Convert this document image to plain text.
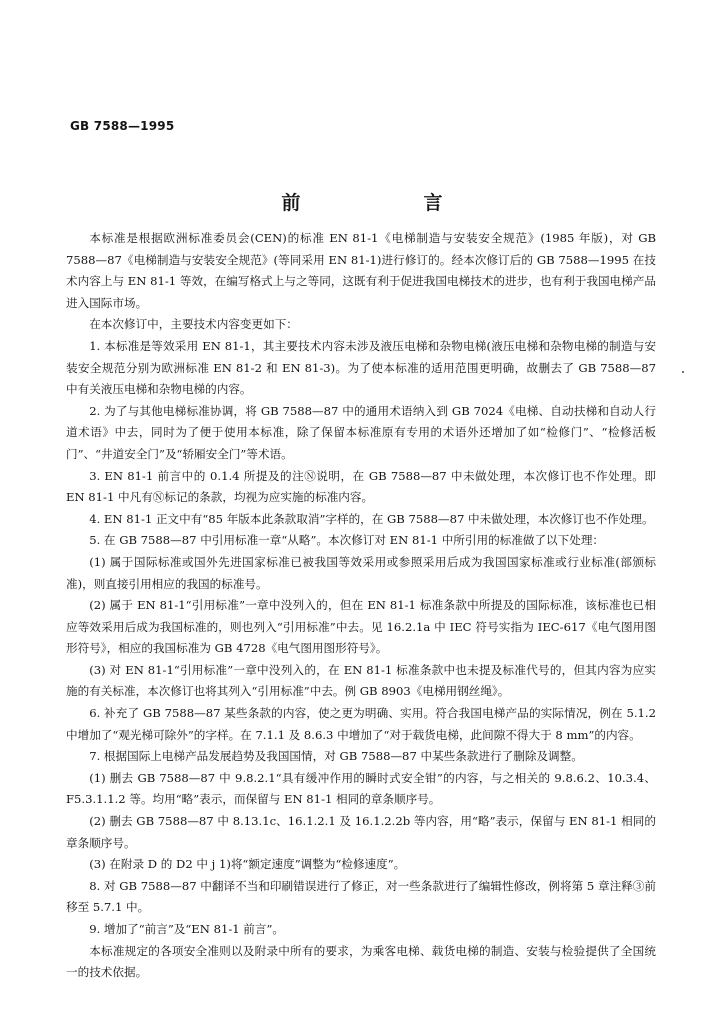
GB 7588—1995
前　言

本标准是根据欧洲标准委员会(CEN)的标准 EN 81-1《电梯制造与安装安全规范》(1985 年版)，对 GB 7588—87《电梯制造与安装安全规范》(等同采用 EN 81-1)进行修订的。经本次修订后的 GB 7588—1995 在技术内容上与 EN 81-1 等效，在编写格式上与之等同，这既有利于促进我国电梯技术的进步，也有利于我国电梯产品进入国际市场。

在本次修订中，主要技术内容变更如下：

1. 本标准是等效采用 EN 81-1，其主要技术内容未涉及液压电梯和杂物电梯(液压电梯和杂物电梯的制造与安装安全规范分别为欧洲标准 EN 81-2 和 EN 81-3)。为了使本标准的适用范围更明确，故删去了 GB 7588—87 中有关液压电梯和杂物电梯的内容。

2. 为了与其他电梯标准协调，将 GB 7588—87 中的通用术语纳入到 GB 7024《电梯、自动扶梯和自动人行道术语》中去，同时为了便于使用本标准，除了保留本标准原有专用的术语外还增加了如“检修门”、“检修活板门”、“井道安全门”及“轿厢安全门”等术语。

3. EN 81-1 前言中的 0.1.4 所提及的注Ⓝ说明，在 GB 7588—87 中未做处理，本次修订也不作处理。即 EN 81-1 中凡有Ⓝ标记的条款，均视为应实施的标准内容。

4. EN 81-1 正文中有“85 年版本此条款取消”字样的，在 GB 7588—87 中未做处理，本次修订也不作处理。

5. 在 GB 7588—87 中引用标准一章“从略”。本次修订对 EN 81-1 中所引用的标准做了以下处理：

(1) 属于国际标准或国外先进国家标准已被我国等效采用或参照采用后成为我国国家标准或行业标准(部颁标准)，则直接引用相应的我国的标准号。

(2) 属于 EN 81-1“引用标准”一章中没列入的，但在 EN 81-1 标准条款中所提及的国际标准，该标准也已相应等效采用后成为我国标准的，则也列入“引用标准”中去。见 16.2.1a 中 IEC 符号实指为 IEC-617《电气图用图形符号》，相应的我国标准为 GB 4728《电气图用图形符号》。

(3) 对 EN 81-1“引用标准”一章中没列入的，在 EN 81-1 标准条款中也未提及标准代号的，但其内容为应实施的有关标准，本次修订也将其列入“引用标准”中去。例 GB 8903《电梯用钢丝绳》。

6. 补充了 GB 7588—87 某些条款的内容，使之更为明确、实用。符合我国电梯产品的实际情况，例在 5.1.2 中增加了“观光梯可除外”的字样。在 7.1.1 及 8.6.3 中增加了“对于载货电梯，此间隙不得大于 8 mm”的内容。

7. 根据国际上电梯产品发展趋势及我国国情，对 GB 7588—87 中某些条款进行了删除及调整。

(1) 删去 GB 7588—87 中 9.8.2.1“具有缓冲作用的瞬时式安全钳”的内容，与之相关的 9.8.6.2、10.3.4、F5.3.1.1.2 等。均用“略”表示，而保留与 EN 81-1 相同的章条顺序号。

(2) 删去 GB 7588—87 中 8.13.1c、16.1.2.1 及 16.1.2.2b 等内容，用“略”表示，保留与 EN 81-1 相同的章条顺序号。

(3) 在附录 D 的 D2 中 j 1)将“额定速度”调整为“检修速度”。

8. 对 GB 7588—87 中翻译不当和印刷错误进行了修正，对一些条款进行了编辑性修改，例将第 5 章注释③前移至 5.7.1 中。

9. 增加了“前言”及“EN 81-1 前言”。

本标准规定的各项安全准则以及附录中所有的要求，为乘客电梯、载货电梯的制造、安装与检验提供了全国统一的技术依据。
